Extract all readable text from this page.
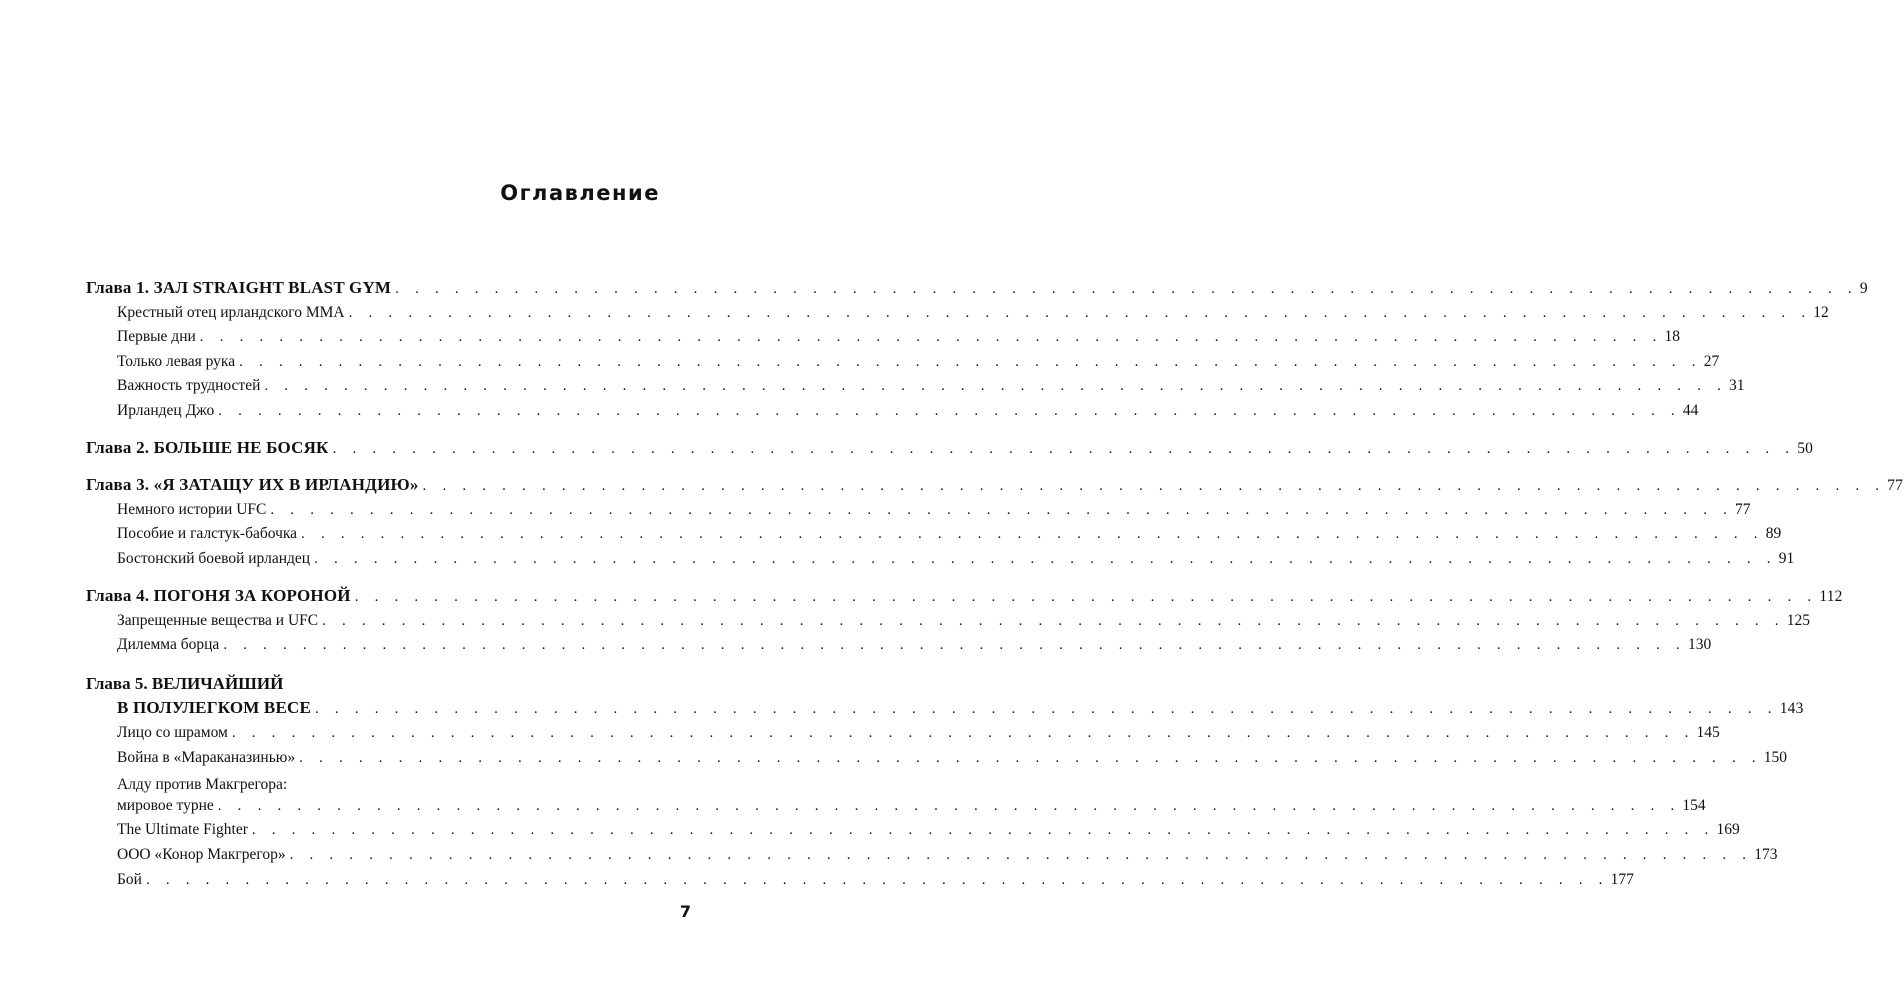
Оглавление
Глава 1. ЗАЛ STRAIGHT BLAST GYM . . . . . . . . . . . . . . . . . . . . . . . . . . . . . . . . . . . . . . . . . . . . . . . . . . . . . . . . . . . . . . . . . . . . . . . . . . 9
Крестный отец ирландского ММА . . . . . . . . . . . . . . . . . . . . . . . . . . . . . . . . . . . . . . . . . . . . . . . . . . . . . . . . . . . . . . . . . . . . . . . . . . 12
Первые дни . . . . . . . . . . . . . . . . . . . . . . . . . . . . . . . . . . . . . . . . . . . . . . . . . . . . . . . . . . . . . . . . . . . . . . . . . . 18
Только левая рука . . . . . . . . . . . . . . . . . . . . . . . . . . . . . . . . . . . . . . . . . . . . . . . . . . . . . . . . . . . . . . . . . . . . . . . . . . 27
Важность трудностей . . . . . . . . . . . . . . . . . . . . . . . . . . . . . . . . . . . . . . . . . . . . . . . . . . . . . . . . . . . . . . . . . . . . . . . . . . 31
Ирландец Джо . . . . . . . . . . . . . . . . . . . . . . . . . . . . . . . . . . . . . . . . . . . . . . . . . . . . . . . . . . . . . . . . . . . . . . . . . . 44
Глава 2. БОЛЬШЕ НЕ БОСЯК . . . . . . . . . . . . . . . . . . . . . . . . . . . . . . . . . . . . . . . . . . . . . . . . . . . . . . . . . . . . . . . . . . . . . . . . . . 50
Глава 3. «Я ЗАТАЩУ ИХ В ИРЛАНДИЮ» . . . . . . . . . . . . . . . . . . . . . . . . . . . . . . . . . . . . . . . . . . . . . . . . . . . . . . . . . . . . . . . . . . . . . . . . . . 77
Немного истории UFC . . . . . . . . . . . . . . . . . . . . . . . . . . . . . . . . . . . . . . . . . . . . . . . . . . . . . . . . . . . . . . . . . . . . . . . . . . 77
Пособие и галстук-бабочка . . . . . . . . . . . . . . . . . . . . . . . . . . . . . . . . . . . . . . . . . . . . . . . . . . . . . . . . . . . . . . . . . . . . . . . . . . 89
Бостонский боевой ирландец . . . . . . . . . . . . . . . . . . . . . . . . . . . . . . . . . . . . . . . . . . . . . . . . . . . . . . . . . . . . . . . . . . . . . . . . . . 91
Глава 4. ПОГОНЯ ЗА КОРОНОЙ . . . . . . . . . . . . . . . . . . . . . . . . . . . . . . . . . . . . . . . . . . . . . . . . . . . . . . . . . . . . . . . . . . . . . . . . . . 112
Запрещенные вещества и UFC . . . . . . . . . . . . . . . . . . . . . . . . . . . . . . . . . . . . . . . . . . . . . . . . . . . . . . . . . . . . . . . . . . . . . . . . . . 125
Дилемма борца . . . . . . . . . . . . . . . . . . . . . . . . . . . . . . . . . . . . . . . . . . . . . . . . . . . . . . . . . . . . . . . . . . . . . . . . . . 130
Глава 5. ВЕЛИЧАЙШИЙ
В ПОЛУЛЕГКОМ ВЕСЕ . . . . . . . . . . . . . . . . . . . . . . . . . . . . . . . . . . . . . . . . . . . . . . . . . . . . . . . . . . . . . . . . . . . . . . . . . . 143
Лицо со шрамом . . . . . . . . . . . . . . . . . . . . . . . . . . . . . . . . . . . . . . . . . . . . . . . . . . . . . . . . . . . . . . . . . . . . . . . . . . 145
Война в «Мараканазинью» . . . . . . . . . . . . . . . . . . . . . . . . . . . . . . . . . . . . . . . . . . . . . . . . . . . . . . . . . . . . . . . . . . . . . . . . . . 150
Алду против Макгрегора:
мировое турне . . . . . . . . . . . . . . . . . . . . . . . . . . . . . . . . . . . . . . . . . . . . . . . . . . . . . . . . . . . . . . . . . . . . . . . . . . 154
The Ultimate Fighter . . . . . . . . . . . . . . . . . . . . . . . . . . . . . . . . . . . . . . . . . . . . . . . . . . . . . . . . . . . . . . . . . . . . . . . . . . 169
ООО «Конор Макгрегор» . . . . . . . . . . . . . . . . . . . . . . . . . . . . . . . . . . . . . . . . . . . . . . . . . . . . . . . . . . . . . . . . . . . . . . . . . . 173
Бой . . . . . . . . . . . . . . . . . . . . . . . . . . . . . . . . . . . . . . . . . . . . . . . . . . . . . . . . . . . . . . . . . . . . . . . . . . 177
7
